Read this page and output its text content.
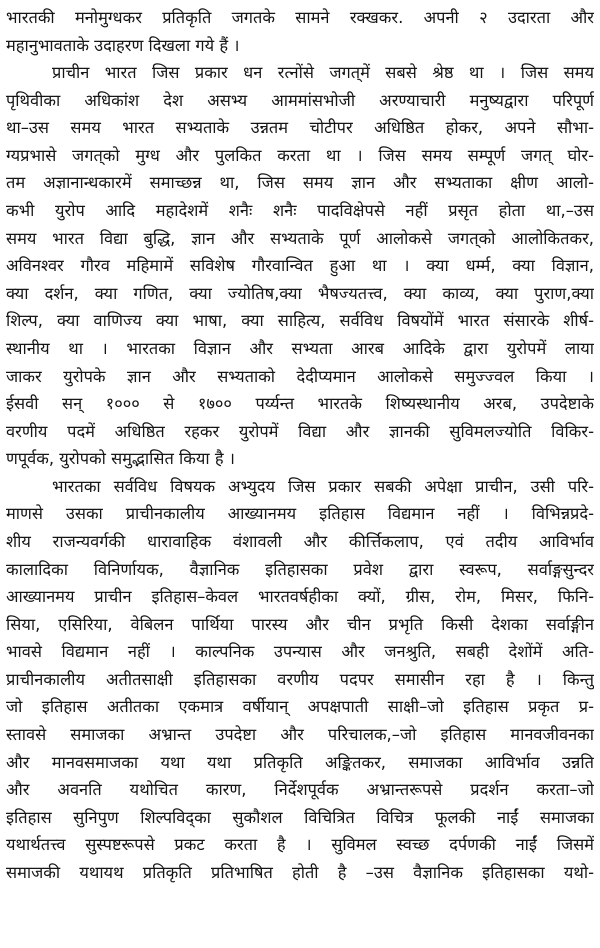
भारतकी मनोमुग्धकर प्रतिकृति जगतके सामने रक्खकर. अपनी २ उदारता और
महानुभावताके उदाहरण दिखला गये हैं ।
प्राचीन भारत जिस प्रकार धन रत्नोंसे जगत्‌में सबसे श्रेष्ठ था । जिस समय
पृथिवीका अधिकांश देश असभ्य आममांसभोजी अरण्याचारी मनुष्यद्वारा परिपूर्ण
था–उस समय भारत सभ्यताके उन्नतम चोटीपर अधिष्ठित होकर, अपने सौभा-
ग्यप्रभासे जगत्‌को मुग्ध और पुलकित करता था । जिस समय सम्पूर्ण जगत्‌ घोर-
तम अज्ञानान्धकारमें समाच्छन्न था, जिस समय ज्ञान और सभ्यताका क्षीण आलो-
कभी युरोप आदि महादेशमें शनैः शनैः पादविक्षेपसे नहीं प्रसृत होता था,–उस
समय भारत विद्या बुद्धि, ज्ञान और सभ्यताके पूर्ण आलोकसे जगत्‌को आलोकितकर,
अविनश्वर गौरव महिमामें सविशेष गौरवान्वित हुआ था । क्या धर्म्म, क्या विज्ञान,
क्या दर्शन, क्या गणित, क्या ज्योतिष,क्या भैषज्यतत्त्व, क्या काव्य, क्या पुराण,क्या
शिल्प, क्या वाणिज्य क्या भाषा, क्या साहित्य, सर्वविध विषयोंमें भारत संसारके शीर्ष-
स्थानीय था । भारतका विज्ञान और सभ्यता आरब आदिके द्वारा युरोपमें लाया
जाकर युरोपके ज्ञान और सभ्यताको देदीप्यमान आलोकसे समुज्ज्वल किया ।
ईसवी सन्‌ १००० से १७०० पर्य्यन्त भारतके शिष्यस्थानीय अरब, उपदेष्टाके
वरणीय पदमें अधिष्ठित रहकर युरोपमें विद्या और ज्ञानकी सुविमलज्योति विकिर-
णपूर्वक, युरोपको समुद्भासित किया है ।
भारतका सर्वविध विषयक अभ्युदय जिस प्रकार सबकी अपेक्षा प्राचीन, उसी परि-
माणसे उसका प्राचीनकालीय आख्यानमय इतिहास विद्यमान नहीं । विभिन्नप्रदे-
शीय राजन्यवर्गकी धारावाहिक वंशावली और कीर्त्तिकलाप, एवं तदीय आविर्भाव
कालादिका विनिर्णायक, वैज्ञानिक इतिहासका प्रवेश द्वारा स्वरूप, सर्वाङ्गसुन्दर
आख्यानमय प्राचीन इतिहास–केवल भारतवर्षहीका क्यों, ग्रीस, रोम, मिसर, फिनि-
सिया, एसिरिया, वेबिलन पार्थिया पारस्य और चीन प्रभृति किसी देशका सर्वाङ्गीन
भावसे विद्यमान नहीं । काल्पनिक उपन्यास और जनश्रुति, सबही देशोंमें अति-
प्राचीनकालीय अतीतसाक्षी इतिहासका वरणीय पदपर समासीन रहा है । किन्तु
जो इतिहास अतीतका एकमात्र वर्षीयान्‌ अपक्षपाती साक्षी–जो इतिहास प्रकृत प्र-
स्तावसे समाजका अभ्रान्त उपदेष्टा और परिचालक,–जो इतिहास मानवजीवनका
और मानवसमाजका यथा यथा प्रतिकृति अङ्कितकर, समाजका आविर्भाव उन्नति
और अवनति यथोचित कारण, निर्देशपूर्वक अभ्रान्तरूपसे प्रदर्शन करता–जो
इतिहास सुनिपुण शिल्पविद्‌का सुकौशल विचित्रित विचित्र फूलकी नाईं समाजका
यथार्थतत्त्व सुस्पष्टरूपसे प्रकट करता है । सुविमल स्वच्छ दर्पणकी नाईं जिसमें
समाजकी यथायथ प्रतिकृति प्रतिभाषित होती है –उस वैज्ञानिक इतिहासका यथो-
